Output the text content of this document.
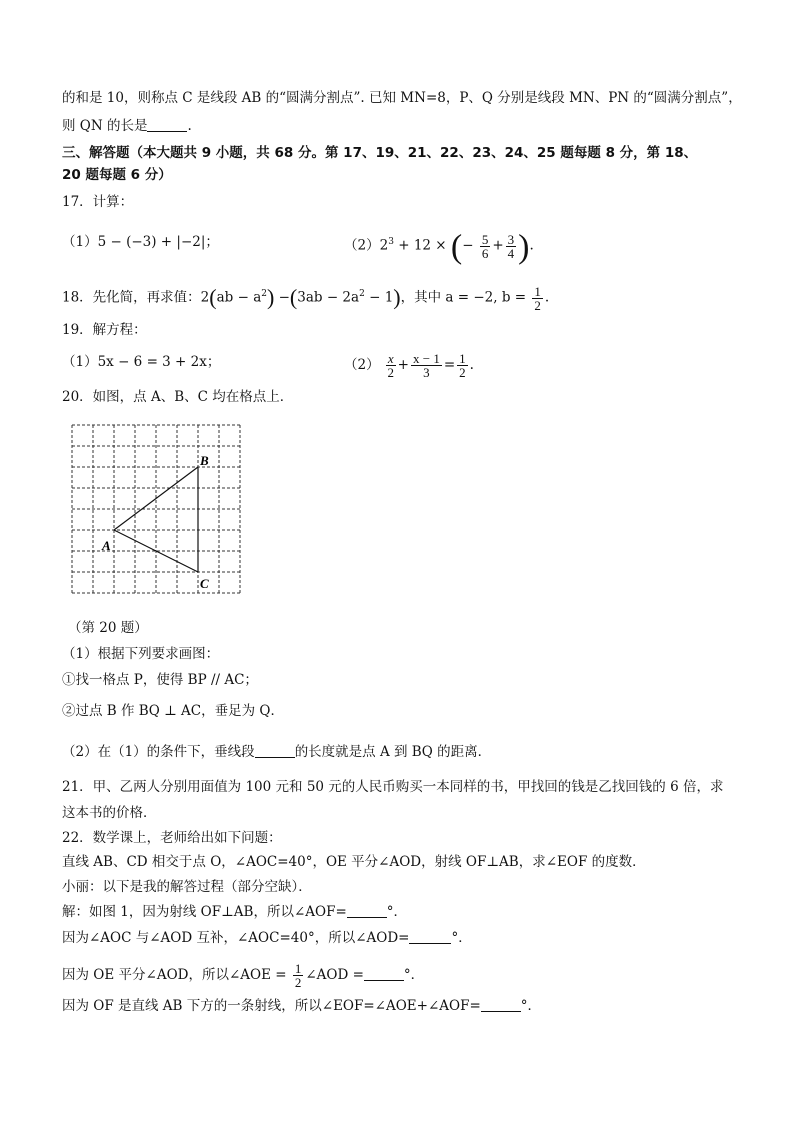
的和是 10，则称点 C 是线段 AB 的“圆满分割点”. 已知 MN=8，P、Q 分别是线段 MN、PN 的“圆满分割点”，
则 QN 的长是	.
三、解答题（本大题共 9 小题，共 68 分。第 17、19、21、22、23、24、25 题每题 8 分，第 18、
20 题每题 6 分）
17．计算：
（1）5 − (−3) + |−2|；	$(2)2^3 + 12$ × (− $\frac{5}{6} + \frac{3}{4}$ ).
18．先化简，再求值：$2(ab - a^2) -(3ab - 2a^2 - 1)$，其中 a = −2, $b = \frac{1}{2}$ .
19．解方程：
（1）5x − 6 = 3 + 2x；	$(2) \frac{x}{2} + \frac{x - 1}{3} = \frac{1}{2}$ .
20．如图，点 A、B、C 均在格点上．
A
B
C
（第 20 题）
（1）根据下列要求画图：
①找一格点 P，使得 BP // AC；
②过点 B 作 BQ ⊥ AC，垂足为 Q．
（2）在（1）的条件下，垂线段	的长度就是点 A 到 BQ 的距离．
21．甲、乙两人分别用面值为 100 元和 50 元的人民币购买一本同样的书，甲找回的钱是乙找回钱的 6 倍，求
这本书的价格．
22．数学课上，老师给出如下问题：
直线 AB、CD 相交于点 O，∠AOC=40°，OE 平分∠AOD，射线 OF⊥AB，求∠EOF 的度数．
小丽：以下是我的解答过程（部分空缺）．
解：如图 1，因为射线 OF⊥AB，所以∠AOF=	°．
因为∠AOC 与∠AOD 互补，∠AOC=40°，所以∠AOD=	°．
因为 OE 平分∠AOD，所以∠AOE = $\frac{1}{2}$ ∠AOD =	°．
因为 OF 是直线 AB 下方的一条射线，所以∠EOF=∠AOE+∠AOF=	°．
